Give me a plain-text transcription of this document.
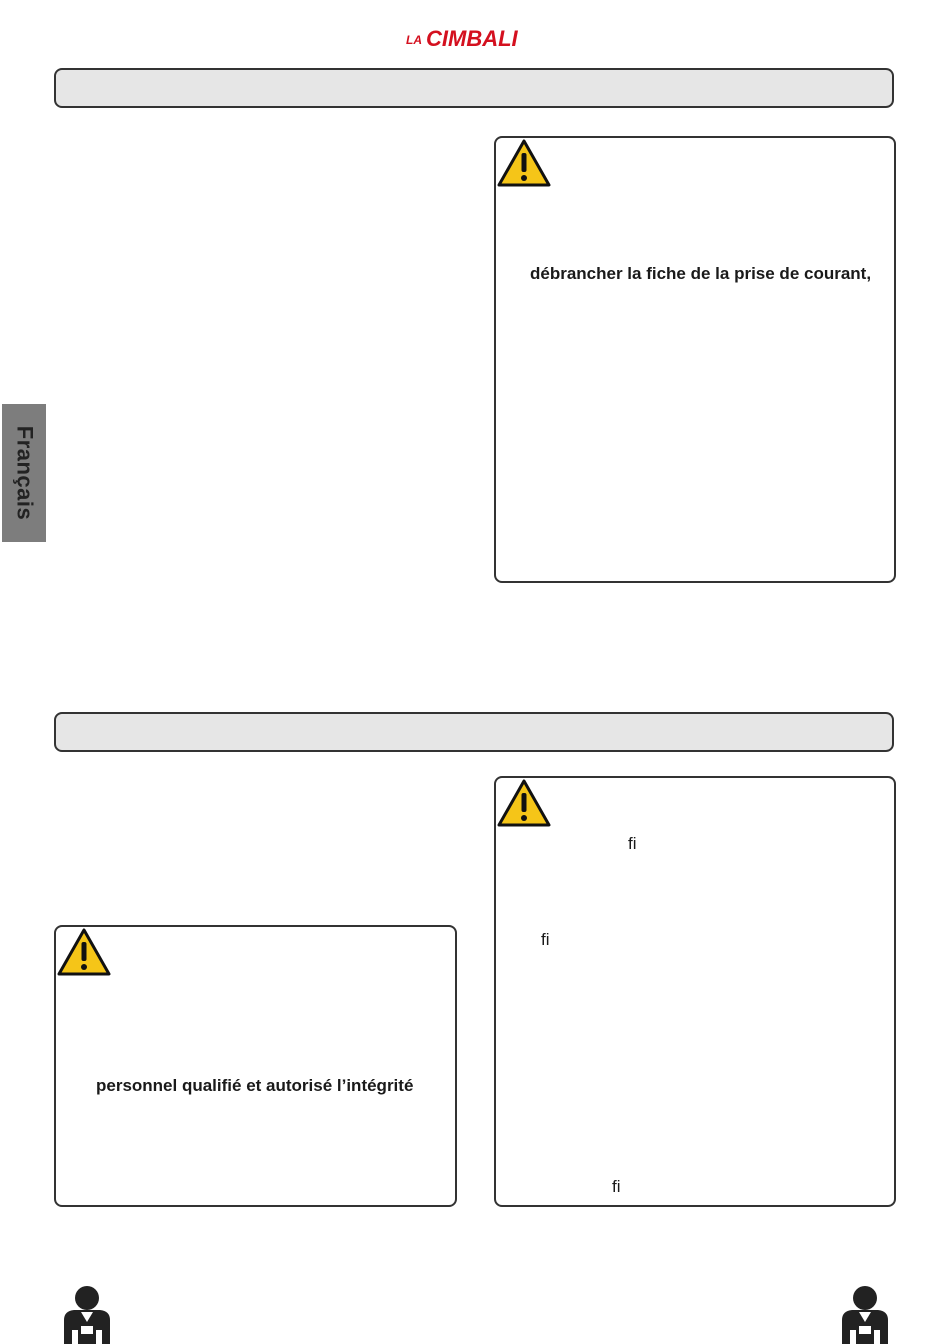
LA CIMBALI
Français
débrancher la fiche de la prise de courant,
personnel qualifié et autorisé l’intégrité
fi
fi
fi
